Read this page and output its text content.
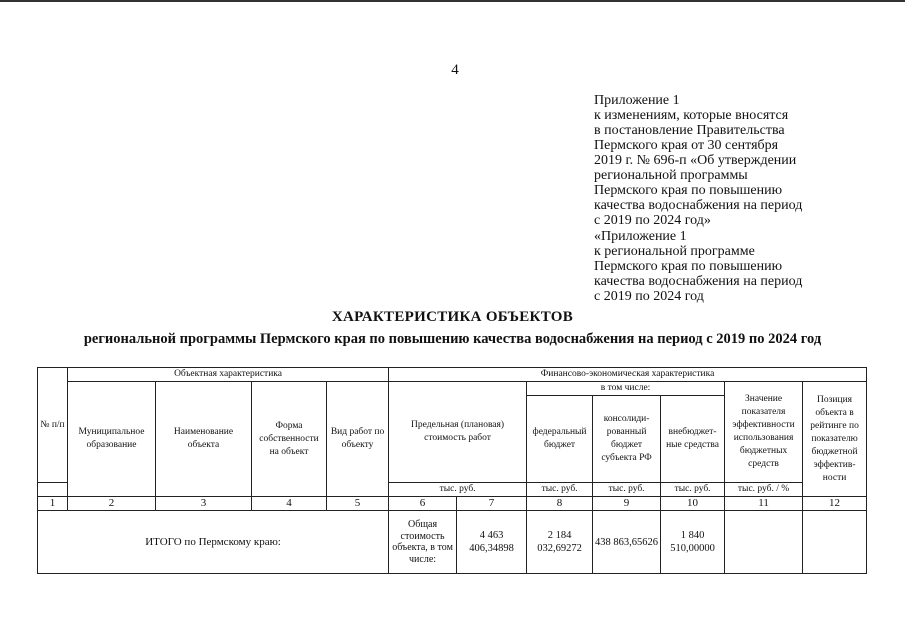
4
Приложение 1
к изменениям, которые вносятся
в постановление Правительства
Пермского края от 30 сентября
2019 г. № 696-п «Об утверждении
региональной программы
Пермского края по повышению
качества водоснабжения на период
с 2019 по 2024 год»
«Приложение 1
к региональной программе
Пермского края по повышению
качества водоснабжения на период
с 2019 по 2024 год
ХАРАКТЕРИСТИКА ОБЪЕКТОВ
региональной программы Пермского края по повышению качества водоснабжения на период с 2019 по 2024 год
№ п/п	Объектная характеристика				Финансово-экономическая характеристика						
	Муниципальное образование	Наименование объекта	Форма собственности на объект	Вид работ по объекту	Предельная (плановая) стоимость работ		в том числе:			Значение показателя эффективности использования бюджетных средств	Позиция объекта в рейтинге по показателю бюджетной эффектив-ности
							федеральный бюджет	консолиди-рованный бюджет субъекта РФ	внебюджет-ные средства		
					тыс. руб.		тыс. руб.	тыс. руб.	тыс. руб.	тыс. руб. / %	
1	2	3	4	5	6	7	8	9	10	11	12
ИТОГО по Пермскому краю:					Общая стоимость объекта, в том числе:	4 463 406,34898	2 184 032,69272	438 863,65626	1 840 510,00000		
